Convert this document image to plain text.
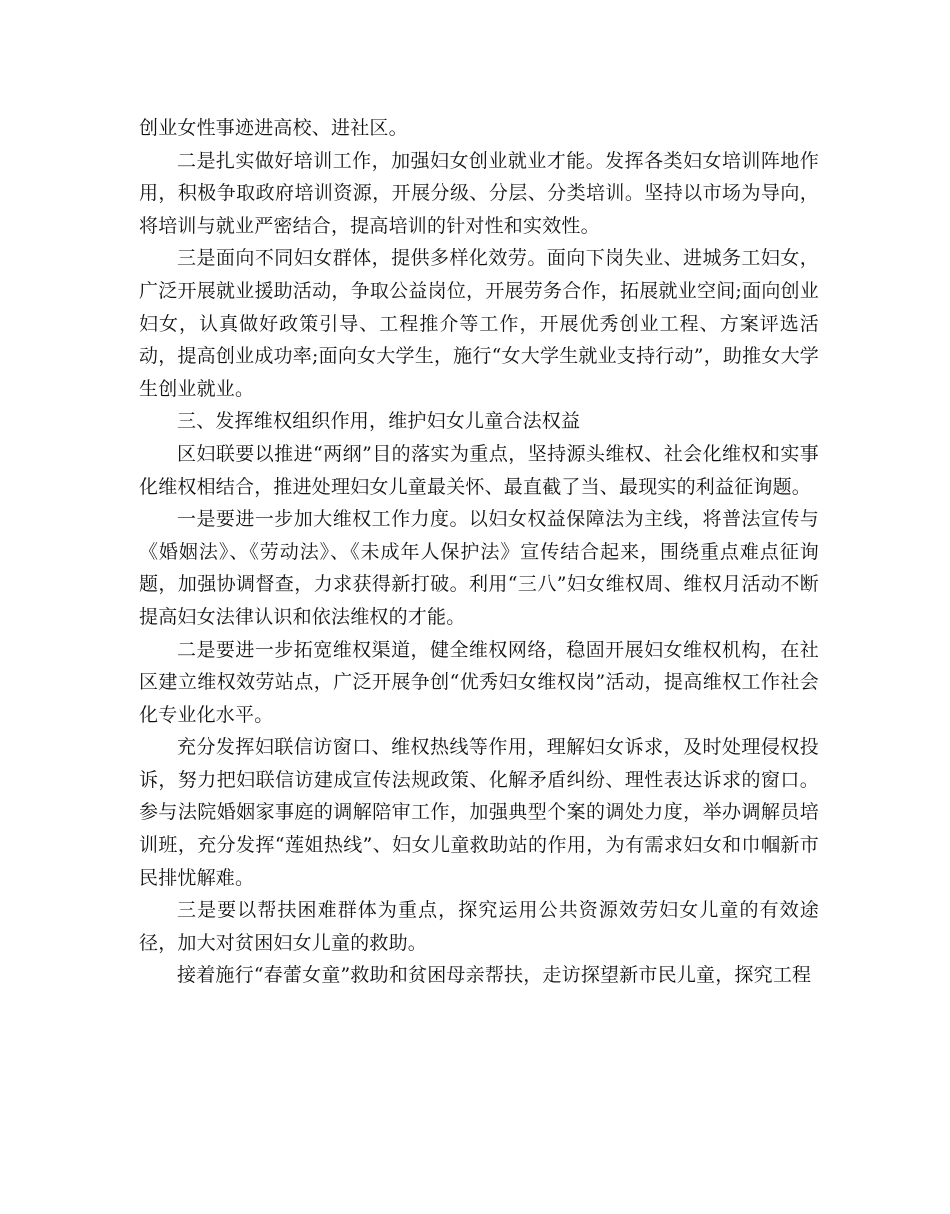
创业女性事迹进高校、进社区。

二是扎实做好培训工作，加强妇女创业就业才能。发挥各类妇女培训阵地作用，积极争取政府培训资源，开展分级、分层、分类培训。坚持以市场为导向，将培训与就业严密结合，提高培训的针对性和实效性。

三是面向不同妇女群体，提供多样化效劳。面向下岗失业、进城务工妇女，广泛开展就业援助活动，争取公益岗位，开展劳务合作，拓展就业空间;面向创业妇女，认真做好政策引导、工程推介等工作，开展优秀创业工程、方案评选活动，提高创业成功率;面向女大学生，施行“女大学生就业支持行动”，助推女大学生创业就业。

三、发挥维权组织作用，维护妇女儿童合法权益

区妇联要以推进“两纲”目的落实为重点，坚持源头维权、社会化维权和实事化维权相结合，推进处理妇女儿童最关怀、最直截了当、最现实的利益征询题。

一是要进一步加大维权工作力度。以妇女权益保障法为主线，将普法宣传与《婚姻法》、《劳动法》、《未成年人保护法》宣传结合起来，围绕重点难点征询题，加强协调督查，力求获得新打破。利用“三八”妇女维权周、维权月活动不断提高妇女法律认识和依法维权的才能。

二是要进一步拓宽维权渠道，健全维权网络，稳固开展妇女维权机构，在社区建立维权效劳站点，广泛开展争创“优秀妇女维权岗”活动，提高维权工作社会化专业化水平。

充分发挥妇联信访窗口、维权热线等作用，理解妇女诉求，及时处理侵权投诉，努力把妇联信访建成宣传法规政策、化解矛盾纠纷、理性表达诉求的窗口。参与法院婚姻家事庭的调解陪审工作，加强典型个案的调处力度，举办调解员培训班，充分发挥“莲姐热线”、妇女儿童救助站的作用，为有需求妇女和巾帼新市民排忧解难。

三是要以帮扶困难群体为重点，探究运用公共资源效劳妇女儿童的有效途径，加大对贫困妇女儿童的救助。

接着施行“春蕾女童”救助和贫困母亲帮扶，走访探望新市民儿童，探究工程
